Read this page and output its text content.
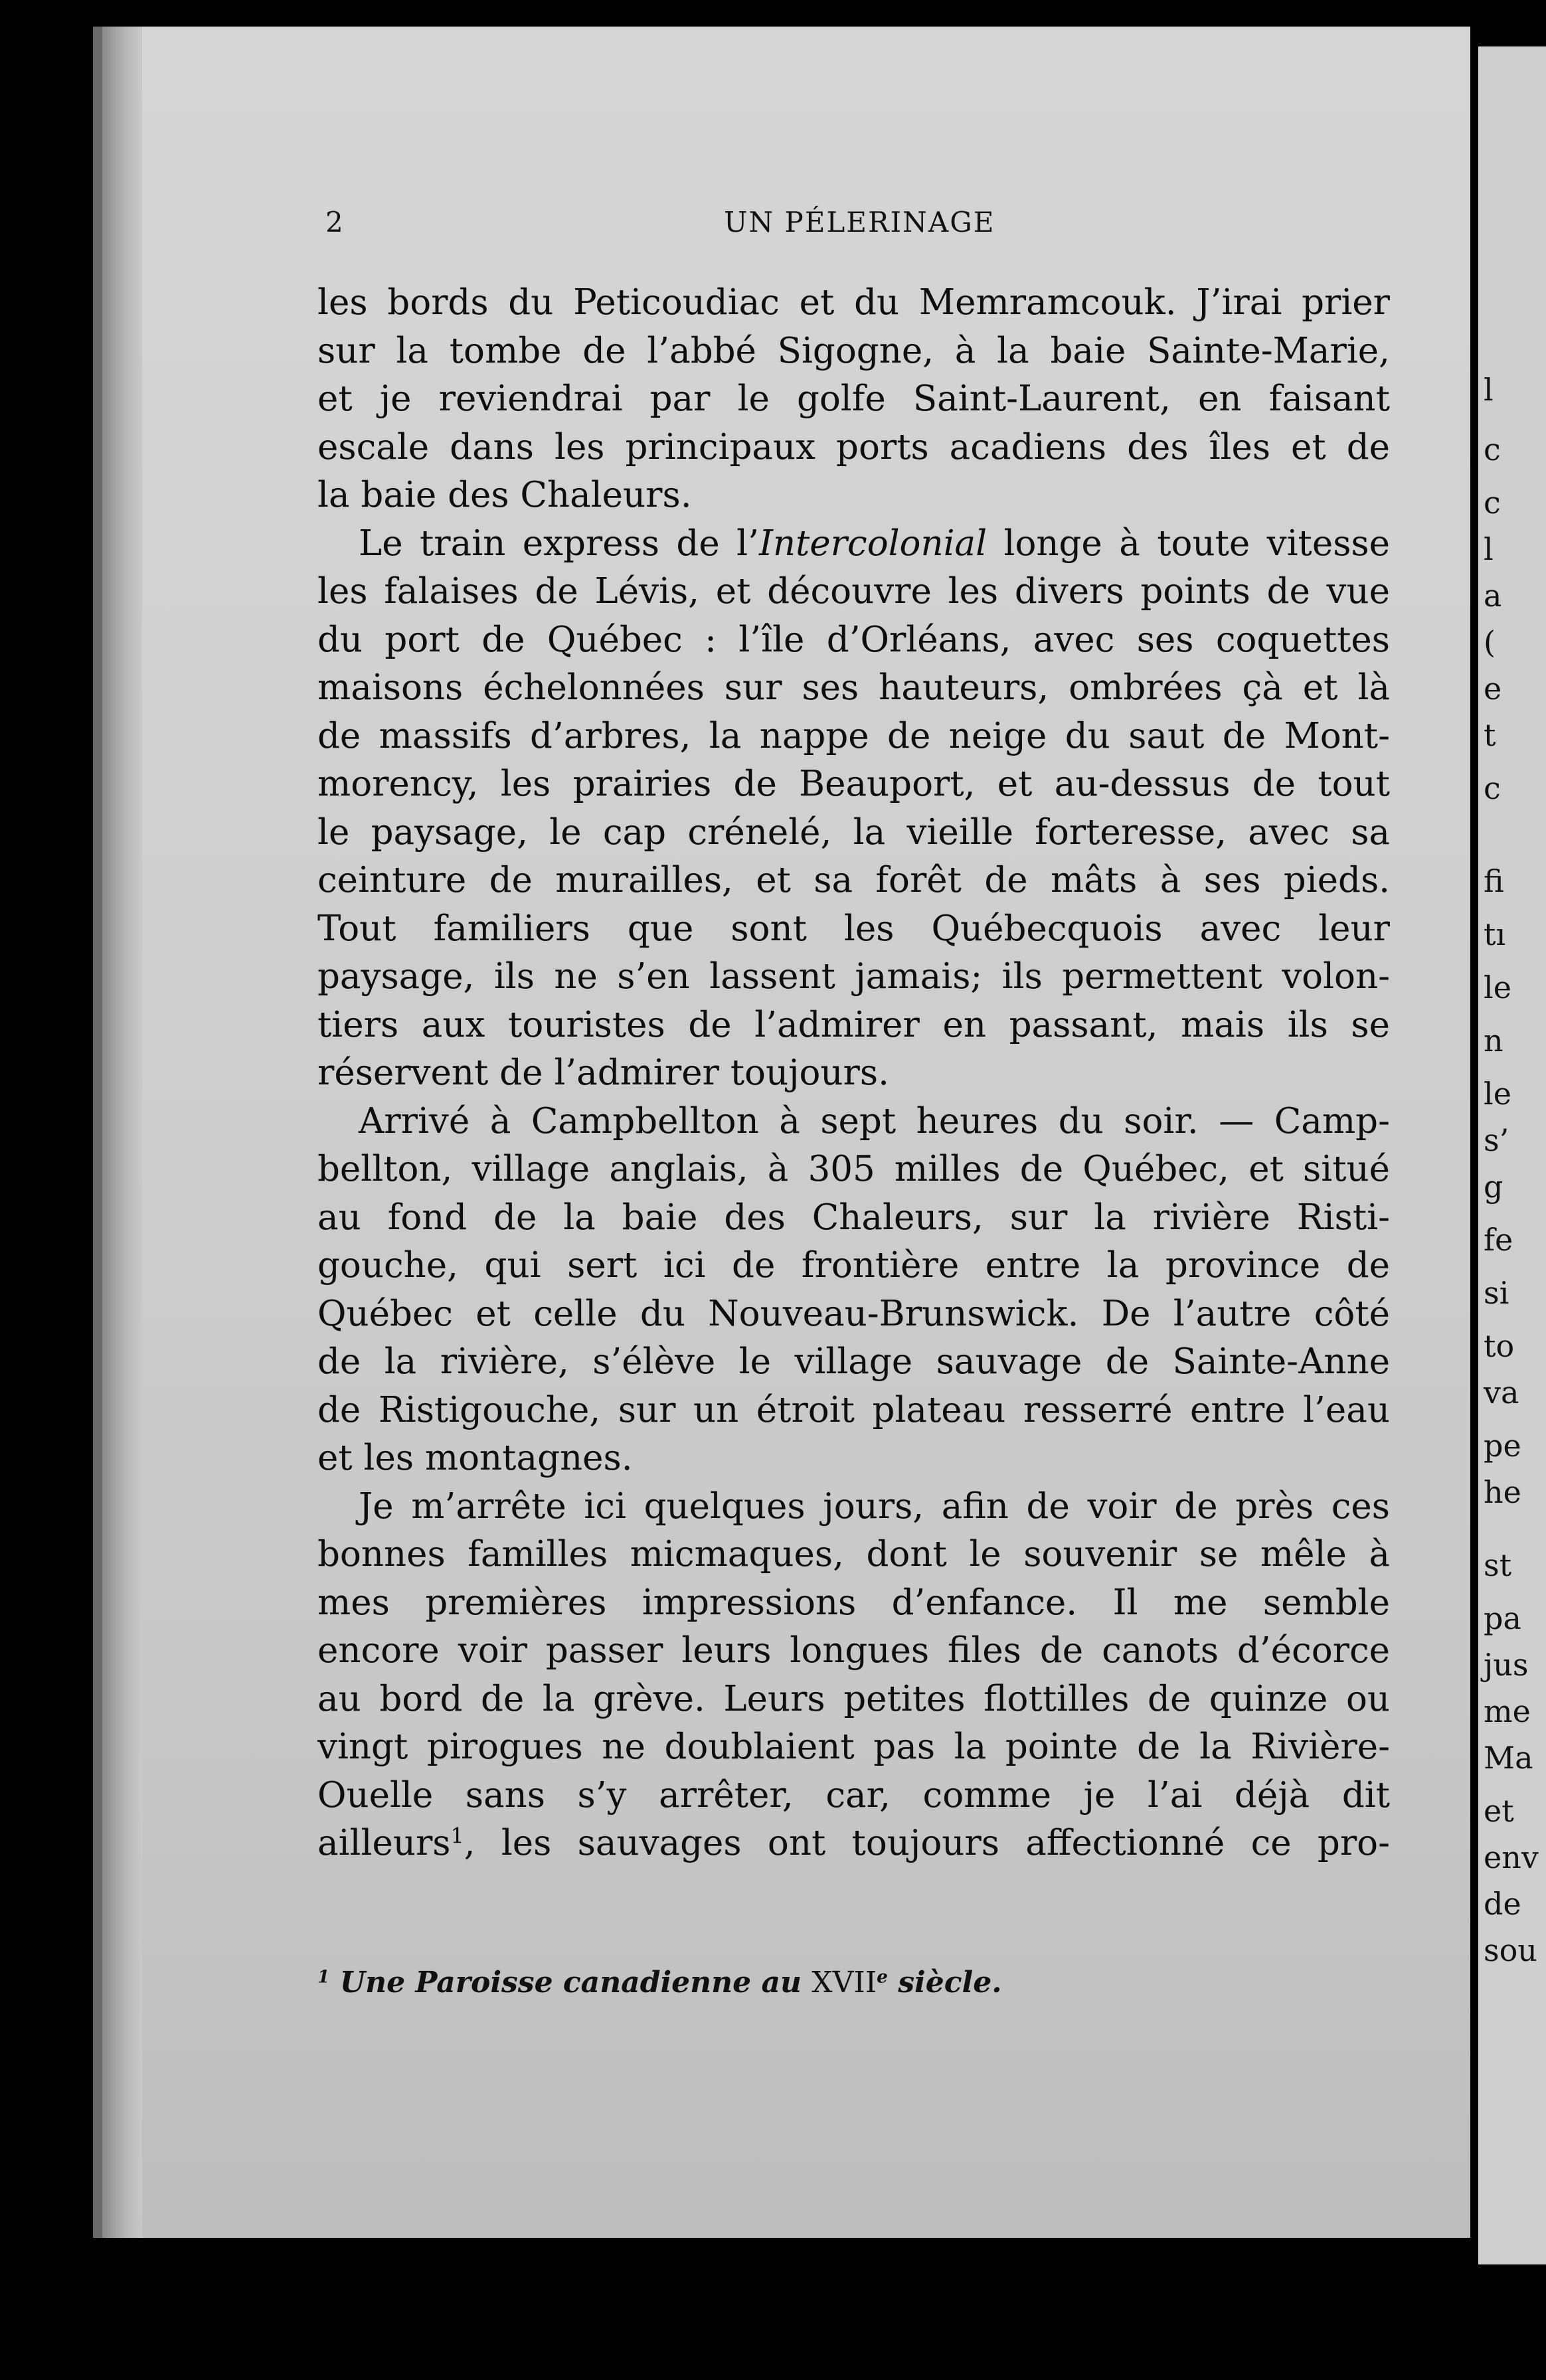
l
c
c
l
a
(
e
t
c
fi
tı
le
n
le
s’
g
fe
si
to
va
pe
he
st
pa
jus
me
Ma
et
env
de
sou
2	UN PÉLERINAGE

les bords du Peticoudiac et du Memramcouk. J’irai prier
sur la tombe de l’abbé Sigogne, à la baie Sainte-Marie,
et je reviendrai par le golfe Saint-Laurent, en faisant
escale dans les principaux ports acadiens des îles et de
la baie des Chaleurs.

Le train express de l’Intercolonial longe à toute vitesse
les falaises de Lévis, et découvre les divers points de vue
du port de Québec : l’île d’Orléans, avec ses coquettes
maisons échelonnées sur ses hauteurs, ombrées çà et là
de massifs d’arbres, la nappe de neige du saut de Mont-
morency, les prairies de Beauport, et au-dessus de tout
le paysage, le cap crénelé, la vieille forteresse, avec sa
ceinture de murailles, et sa forêt de mâts à ses pieds.
Tout familiers que sont les Québecquois avec leur
paysage, ils ne s’en lassent jamais; ils permettent volon-
tiers aux touristes de l’admirer en passant, mais ils se
réservent de l’admirer toujours.

Arrivé à Campbellton à sept heures du soir. — Camp-
bellton, village anglais, à 305 milles de Québec, et situé
au fond de la baie des Chaleurs, sur la rivière Risti-
gouche, qui sert ici de frontière entre la province de
Québec et celle du Nouveau-Brunswick. De l’autre côté
de la rivière, s’élève le village sauvage de Sainte-Anne
de Ristigouche, sur un étroit plateau resserré entre l’eau
et les montagnes.

Je m’arrête ici quelques jours, afin de voir de près ces
bonnes familles micmaques, dont le souvenir se mêle à
mes premières impressions d’enfance. Il me semble
encore voir passer leurs longues files de canots d’écorce
au bord de la grève. Leurs petites flottilles de quinze ou
vingt pirogues ne doublaient pas la pointe de la Rivière-
Ouelle sans s’y arrêter, car, comme je l’ai déjà dit
ailleurs$^1$, les sauvages ont toujours affectionné ce pro-

$^1$ Une Paroisse canadienne au XVIIe siècle.
